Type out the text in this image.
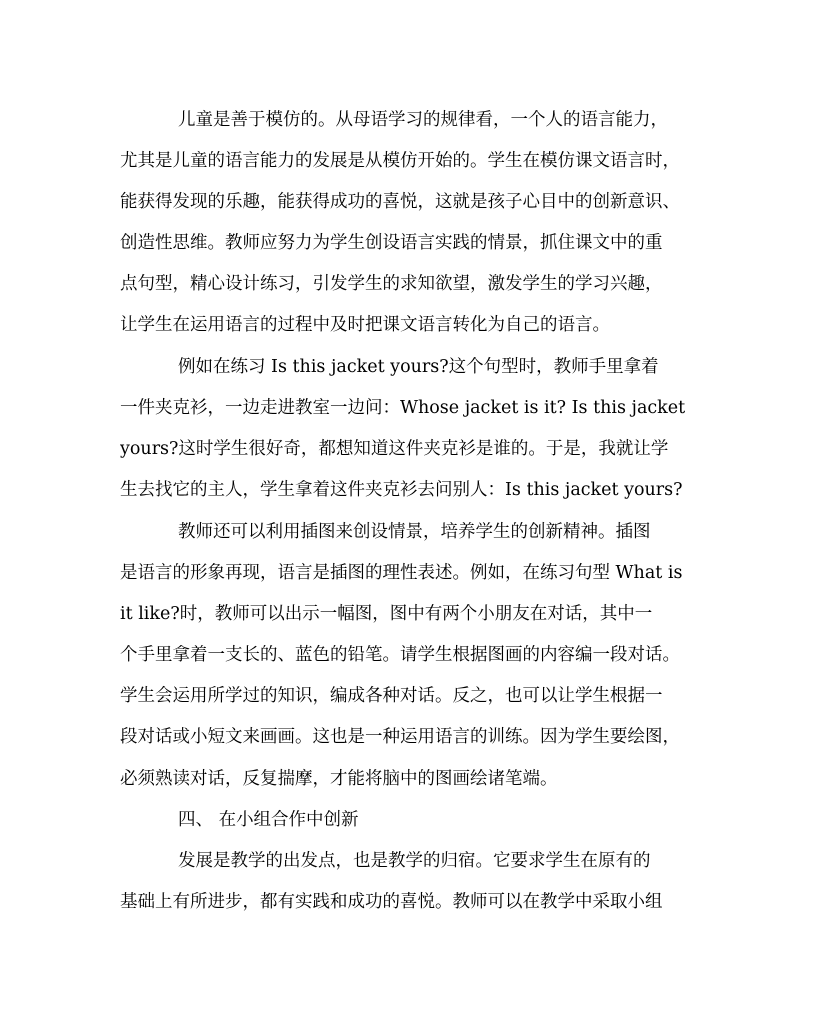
儿童是善于模仿的。从母语学习的规律看，一个人的语言能力，
尤其是儿童的语言能力的发展是从模仿开始的。学生在模仿课文语言时，
能获得发现的乐趣，能获得成功的喜悦，这就是孩子心目中的创新意识、
创造性思维。教师应努力为学生创设语言实践的情景，抓住课文中的重
点句型，精心设计练习，引发学生的求知欲望，激发学生的学习兴趣，
让学生在运用语言的过程中及时把课文语言转化为自己的语言。
例如在练习 Is this jacket yours?这个句型时，教师手里拿着
一件夹克衫，一边走进教室一边问：Whose jacket is it? Is this jacket
yours?这时学生很好奇，都想知道这件夹克衫是谁的。于是，我就让学
生去找它的主人，学生拿着这件夹克衫去问别人：Is this jacket yours?
教师还可以利用插图来创设情景，培养学生的创新精神。插图
是语言的形象再现，语言是插图的理性表述。例如，在练习句型 What is
it like?时，教师可以出示一幅图，图中有两个小朋友在对话，其中一
个手里拿着一支长的、蓝色的铅笔。请学生根据图画的内容编一段对话。
学生会运用所学过的知识，编成各种对话。反之，也可以让学生根据一
段对话或小短文来画画。这也是一种运用语言的训练。因为学生要绘图，
必须熟读对话，反复揣摩，才能将脑中的图画绘诸笔端。
四、 在小组合作中创新
发展是教学的出发点，也是教学的归宿。它要求学生在原有的
基础上有所进步，都有实践和成功的喜悦。教师可以在教学中采取小组
